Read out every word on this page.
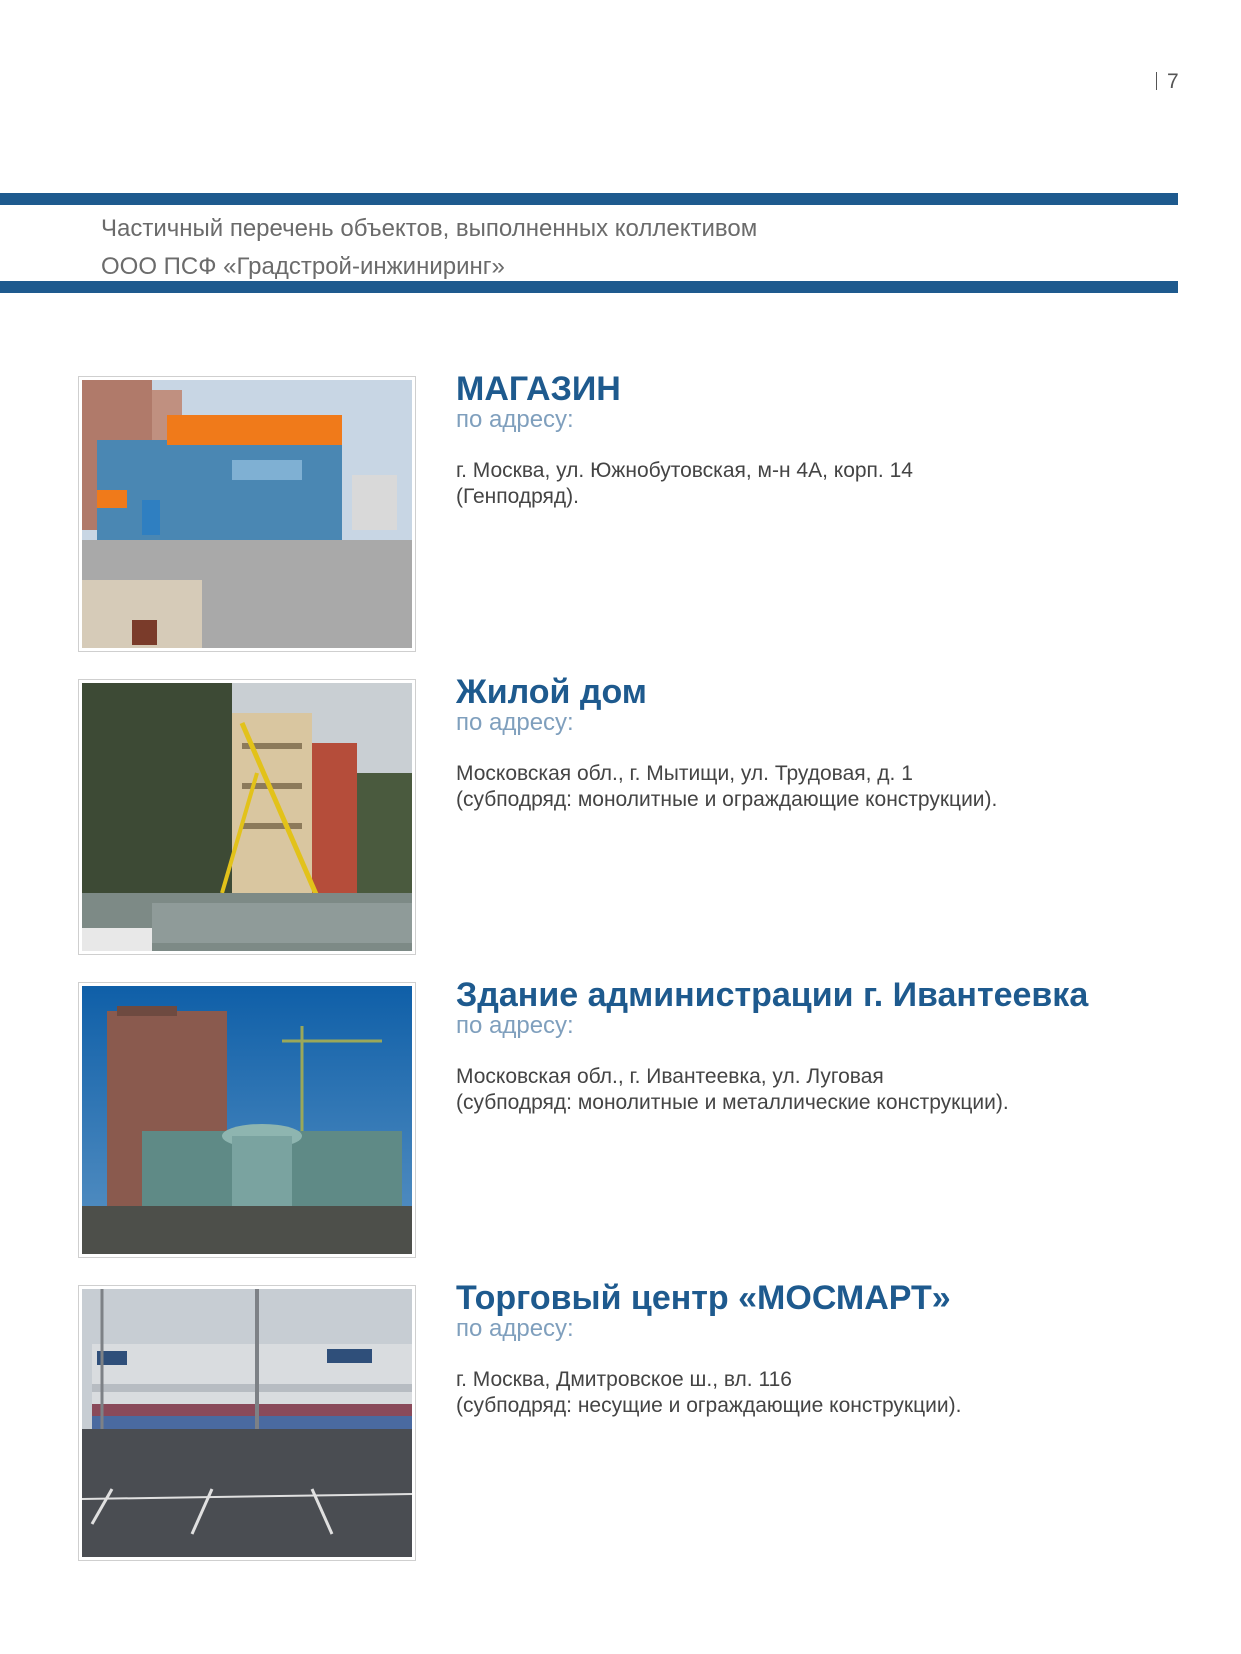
7
Частичный перечень объектов, выполненных коллективом
ООО ПСФ «Градстрой-инжиниринг»
МАГАЗИН
по адресу:
г. Москва, ул. Южнобутовская, м-н 4А, корп. 14
(Генподряд).
Жилой дом
по адресу:
Московская обл., г. Мытищи, ул. Трудовая, д. 1
(субподряд: монолитные и ограждающие конструкции).
Здание администрации г. Ивантеевка
по адресу:
Московская обл., г. Ивантеевка, ул. Луговая
(субподряд: монолитные и металлические конструкции).
Торговый центр «МОСМАРТ»
по адресу:
г. Москва, Дмитровское ш., вл. 116
(субподряд: несущие и ограждающие конструкции).
